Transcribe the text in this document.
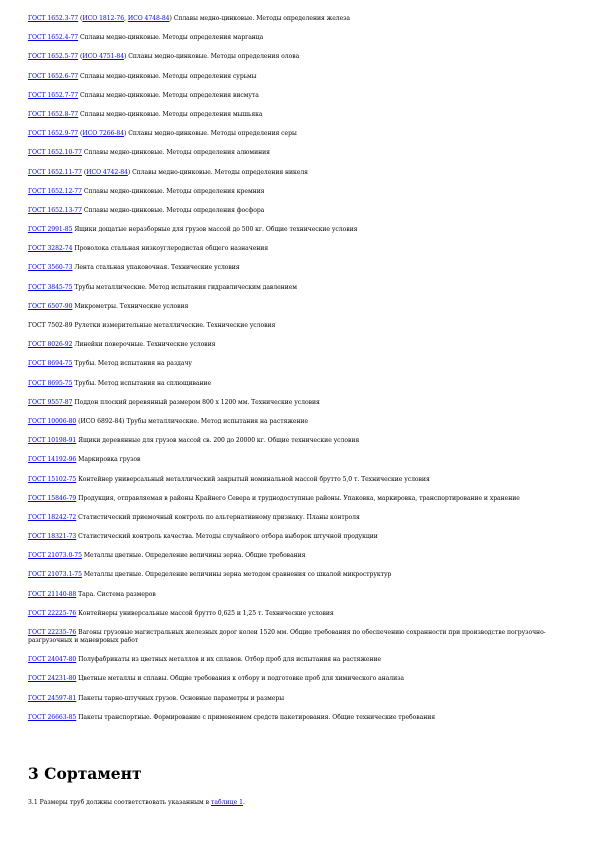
ГОСТ 1652.3-77 (ИСО 1812-76, ИСО 4748-84) Сплавы медно-цинковые. Методы определения железа

ГОСТ 1652.4-77 Сплавы медно-цинковые. Методы определения марганца

ГОСТ 1652.5-77 (ИСО 4751-84) Сплавы медно-цинковые. Методы определения олова

ГОСТ 1652.6-77 Сплавы медно-цинковые. Методы определения сурьмы

ГОСТ 1652.7-77 Сплавы медно-цинковые. Методы определения висмута

ГОСТ 1652.8-77 Сплавы медно-цинковые. Методы определения мышьяка

ГОСТ 1652.9-77 (ИСО 7266-84) Сплавы медно-цинковые. Методы определения серы

ГОСТ 1652.10-77 Сплавы медно-цинковые. Методы определения алюминия

ГОСТ 1652.11-77 (ИСО 4742-84) Сплавы медно-цинковые. Методы определения никеля

ГОСТ 1652.12-77 Сплавы медно-цинковые. Методы определения кремния

ГОСТ 1652.13-77 Сплавы медно-цинковые. Методы определения фосфора

ГОСТ 2991-85 Ящики дощатые неразборные для грузов массой до 500 кг. Общие технические условия

ГОСТ 3282-74 Проволока стальная низкоуглеродистая общего назначения

ГОСТ 3560-73 Лента стальная упаковочная. Технические условия

ГОСТ 3845-75 Трубы металлические. Метод испытания гидравлическим давлением

ГОСТ 6507-90 Микрометры. Технические условия

ГОСТ 7502-89 Рулетки измерительные металлические. Технические условия

ГОСТ 8026-92 Линейки поверочные. Технические условия

ГОСТ 8694-75 Трубы. Метод испытания на раздачу

ГОСТ 8695-75 Трубы. Метод испытания на сплющивание

ГОСТ 9557-87 Поддон плоский деревянный размером 800 х 1200 мм. Технические условия

ГОСТ 10006-80 (ИСО 6892-84) Трубы металлические. Метод испытания на растяжение

ГОСТ 10198-91 Ящики деревянные для грузов массой св. 200 до 20000 кг. Общие технические условия

ГОСТ 14192-96 Маркировка грузов

ГОСТ 15102-75 Контейнер универсальный металлический закрытый номинальной массой брутто 5,0 т. Технические условия

ГОСТ 15846-79 Продукция, отправляемая в районы Крайнего Севера и труднодоступные районы. Упаковка, маркировка, транспортирование и хранение

ГОСТ 18242-72 Статистический приемочный контроль по альтернативному признаку. Планы контроля

ГОСТ 18321-73 Статистический контроль качества. Методы случайного отбора выборок штучной продукции

ГОСТ 21073.0-75 Металлы цветные. Определение величины зерна. Общие требования

ГОСТ 21073.1-75 Металлы цветные. Определение величины зерна методом сравнения со шкалой микроструктур

ГОСТ 21140-88 Тара. Система размеров

ГОСТ 22225-76 Контейнеры универсальные массой брутто 0,625 и 1,25 т. Технические условия

ГОСТ 22235-76 Вагоны грузовые магистральных железных дорог колеи 1520 мм. Общие требования по обеспечению сохранности при производстве погрузочно-разгрузочных и маневровых работ

ГОСТ 24047-80 Полуфабрикаты из цветных металлов и их сплавов. Отбор проб для испытания на растяжение

ГОСТ 24231-80 Цветные металлы и сплавы. Общие требования к отбору и подготовке проб для химического анализа

ГОСТ 24597-81 Пакеты тарно-штучных грузов. Основные параметры и размеры

ГОСТ 26663-85 Пакеты транспортные. Формирование с применением средств пакетирования. Общие технические требования

3 Сортамент

3.1 Размеры труб должны соответствовать указанным в таблице 1.
